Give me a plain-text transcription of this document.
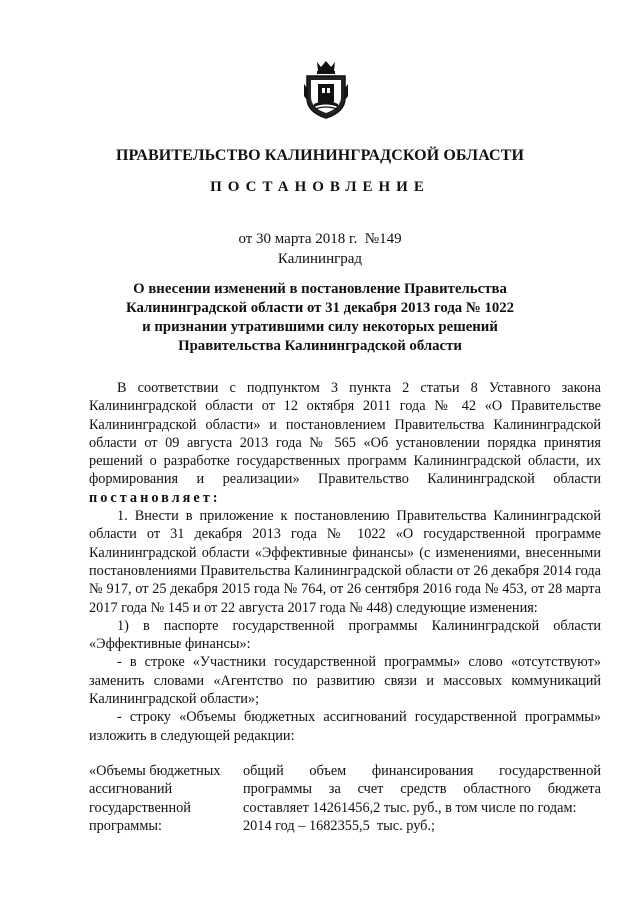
ПРАВИТЕЛЬСТВО КАЛИНИНГРАДСКОЙ ОБЛАСТИ
ПОСТАНОВЛЕНИЕ
от 30 марта 2018 г.  №149
Калининград
О внесении изменений в постановление Правительства
Калининградской области от 31 декабря 2013 года № 1022
и признании утратившими силу некоторых решений
Правительства Калининградской области

В соответствии с подпунктом 3 пункта 2 статьи 8 Уставного закона Калининградской области от 12 октября 2011 года № 42 «О Правительстве Калининградской области» и постановлением Правительства Калининградской области от 09 августа 2013 года № 565 «Об установлении порядка принятия решений о разработке государственных программ Калининградской области, их формирования и реализации» Правительство Калининградской области постановляет:

1. Внести в приложение к постановлению Правительства Калининградской области от 31 декабря 2013 года № 1022 «О государственной программе Калининградской области «Эффективные финансы» (с изменениями, внесенными постановлениями Правительства Калининградской области от 26 декабря 2014 года № 917, от 25 декабря 2015 года № 764, от 26 сентября 2016 года № 453, от 28 марта 2017 года № 145 и от 22 августа 2017 года № 448) следующие изменения:

1) в паспорте государственной программы Калининградской области «Эффективные финансы»:

- в строке «Участники государственной программы» слово «отсутствуют» заменить словами «Агентство по развитию связи и массовых коммуникаций Калининградской области»;

- строку «Объемы бюджетных ассигнований государственной программы» изложить в следующей редакции:

«Объемы бюджетных
ассигнований
государственной
программы:
общий объем финансирования государственной программы за счет средств областного бюджета составляет 14261456,2 тыс. руб., в том числе по годам:
2014 год – 1682355,5  тыс. руб.;
